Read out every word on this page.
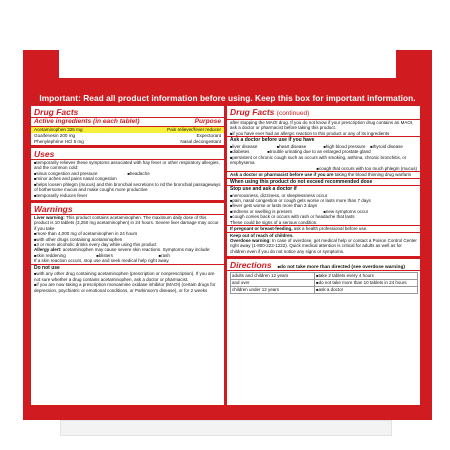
Important: Read all product information before using. Keep this box for important information.
Drug Facts
Active ingredients (in each tablet)	Purpose
Acetaminophen 325 mg	Pain reliever/fever reducer
Guaifenesin 200 mg	Expectorant
Phenylephrine HCl 5 mg	Nasal decongestant
Uses
■ temporarily relieves these symptoms associated with hay fever or other respiratory allergies, and the common cold:
■ sinus congestion and pressure	■ headache
■ minor aches and pains nasal congestion
■ helps loosen phlegm (mucus) and thin bronchial secretions to rid the bronchial passageways of bothersome mucus and make coughs more productive
■ temporarily reduces fever
Warnings
Liver warning: This product contains acetaminophen. The maximum daily dose of this product is 10 tablets (3,250 mg acetaminophen) in 24 hours. Severe liver damage may occur if you take
■ more than 4,000 mg of acetaminophen in 24 hours
■ with other drugs containing acetaminophen
■ 3 or more alcoholic drinks every day while using this product
Allergy alert: acetaminophen may cause severe skin reactions. Symptoms may include:
■ skin reddening	■ blisters	■ rash
If a skin reaction occurs, stop use and seek medical help right away.
Do not use
■ with any other drug containing acetaminophen (prescription or nonprescription). If you are not sure whether a drug contains acetaminophen, ask a doctor or pharmacist.
■ if you are now taking a prescription monoamine oxidase inhibitor (MAOI) (certain drugs for depression, psychiatric or emotional conditions, or Parkinson's disease), or for 2 weeks
Drug Facts (continued)
after stopping the MAOI drug. If you do not know if your prescription drug contains an MAOI, ask a doctor or pharmacist before taking this product.
■ if you have ever had an allergic reaction to this product or any of its ingredients
Ask a doctor before use if you have
■ liver disease	■ heart disease	■ high blood pressure	■ thyroid disease
■ diabetes	■ trouble urinating due to an enlarged prostate gland
■ persistent or chronic cough such as occurs with smoking, asthma, chronic bronchitis, or emphysema
■ cough that occurs with too much phlegm (mucus)
Ask a doctor or pharmacist before use if you are taking the blood thinning drug warfarin
When using this product do not exceed recommended dose
Stop use and ask a doctor if
■ nervousness, dizziness, or sleeplessness occur
■ pain, nasal congestion or cough gets worse or lasts more than 7 days
■ fever gets worse or lasts more than 3 days
■ redness or swelling is present	■ new symptoms occur
■ cough comes back or occurs with rash or headache that lasts
These could be signs of a serious condition.
If pregnant or breast-feeding, ask a health professional before use.
Keep out of reach of children.
Overdose warning: In case of overdose, get medical help or contact a Poison Control Center right away (1-800-222-1222). Quick medical attention is critical for adults as well as for children even if you do not notice any signs or symptoms.
Directions	■ do not take more than directed (see overdose warning)
adults and children 12 years	■ take 2 tablets every 4 hours
and over	■ do not take more than 10 tablets in 24 hours
children under 12 years	■ ask a doctor
